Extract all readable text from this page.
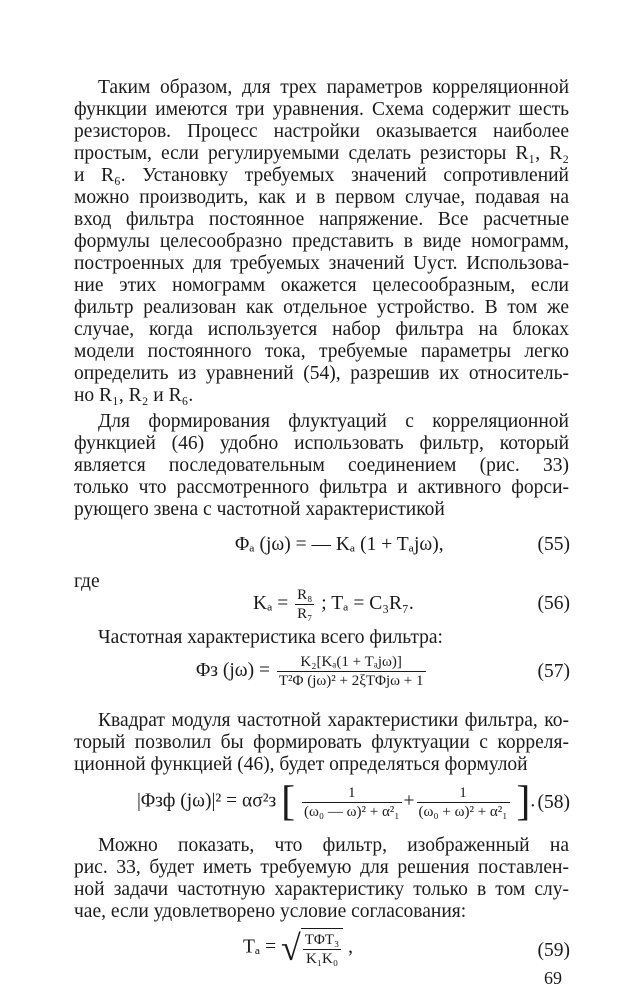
Таким образом, для трех параметров корреляционной
функции имеются три уравнения. Схема содержит шесть
резисторов. Процесс настройки оказывается наиболее
простым, если регулируемыми сделать резисторы R₁, R₂
и R₆. Установку требуемых значений сопротивлений
можно производить, как и в первом случае, подавая на
вход фильтра постоянное напряжение. Все расчетные
формулы целесообразно представить в виде номограмм,
построенных для требуемых значений Uуст. Использова-
ние этих номограмм окажется целесообразным, если
фильтр реализован как отдельное устройство. В том же
случае, когда используется набор фильтра на блоках
модели постоянного тока, требуемые параметры легко
определить из уравнений (54), разрешив их относитель-
но R₁, R₂ и R₆.
Для формирования флуктуаций с корреляционной
функцией (46) удобно использовать фильтр, который
является последовательным соединением (рис. 33)
только что рассмотренного фильтра и активного форси-
рующего звена с частотной характеристикой
Φₐ (jω) = — Kₐ (1 + Tₐjω),	(55)
где
$K_a = \frac{\text{R₈}}{\text{R₇}}$ ; Tₐ = C₃R₇.	(56)
Частотная характеристика всего фильтра:
Φз $(j\omega) = \frac{\text{K₂[Kₐ(1 + Tₐjω)]}}{\text{T²Φ (jω)² + 2ξTΦjω + 1}}$	(57)
Квадрат модуля частотной характеристики фильтра, ко-
торый позволил бы формировать флуктуации с корреля-
ционной функцией (46), будет определяться формулой
|Φзф (jω)|² = ασ²з [ $\frac{1}{\text{(ω₀ — ω)² + α²₁}} + \frac{1}{\text{(ω₀ + ω)² + α²₁}}$ ]. (58)
Можно показать, что фильтр, изображенный на
рис. 33, будет иметь требуемую для решения поставлен-
ной задачи частотную характеристику только в том слу-
чае, если удовлетворено условие согласования:
Tₐ = √ $\frac{\text{TΦT₃}}{\text{K₁K₀}}$ ,	(59)
69
